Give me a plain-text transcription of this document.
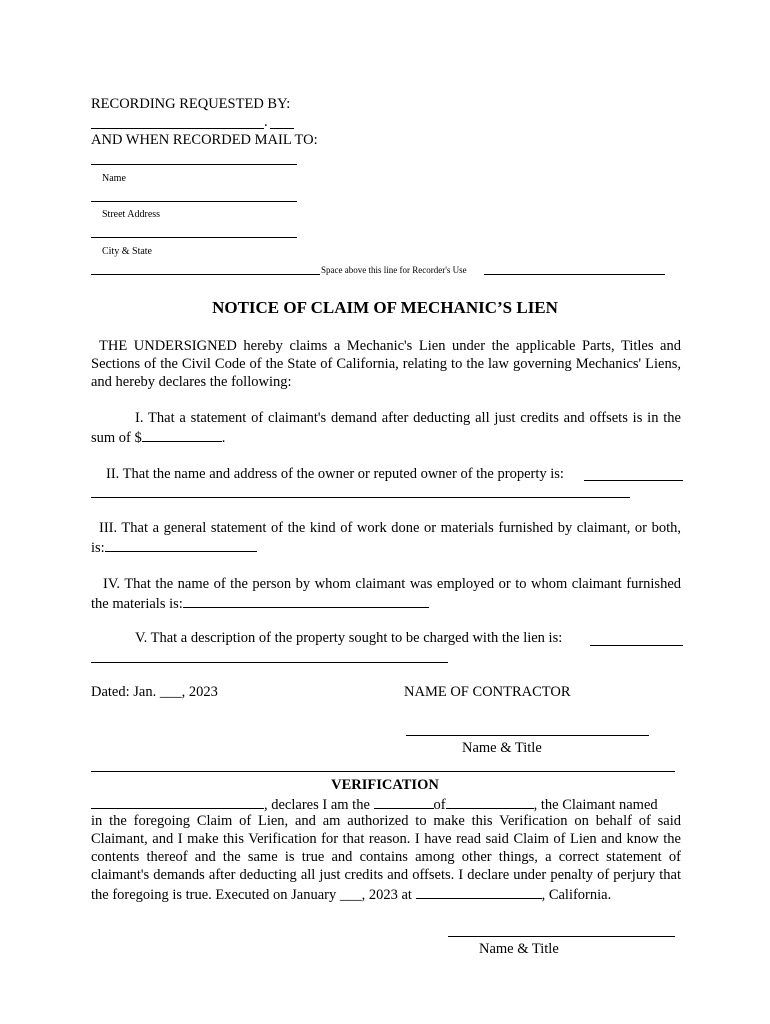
RECORDING REQUESTED BY:
.
AND WHEN RECORDED MAIL TO:
Name
Street Address
City & State
Space above this line for Recorder's Use
NOTICE OF CLAIM OF MECHANIC’S LIEN
THE UNDERSIGNED hereby claims a Mechanic's Lien under the applicable Parts, Titles and Sections of the Civil Code of the State of California, relating to the law governing Mechanics' Liens, and hereby declares the following:
I. That a statement of claimant's demand after deducting all just credits and offsets is in the sum of $	.
II. That the name and address of the owner or reputed owner of the property is:
III. That a general statement of the kind of work done or materials furnished by claimant, or both, is:
IV. That the name of the person by whom claimant was employed or to whom claimant furnished the materials is:
V. That a description of the property sought to be charged with the lien is:
Dated: Jan. ___, 2023	NAME OF CONTRACTOR
Name & Title
VERIFICATION
, declares I am the	of	, the Claimant named
in the foregoing Claim of Lien, and am authorized to make this Verification on behalf of said Claimant, and I make this Verification for that reason. I have read said Claim of Lien and know the contents thereof and the same is true and contains among other things, a correct statement of claimant's demands after deducting all just credits and offsets. I declare under penalty of perjury that the foregoing is true. Executed on January ___, 2023 at	, California.
Name & Title
